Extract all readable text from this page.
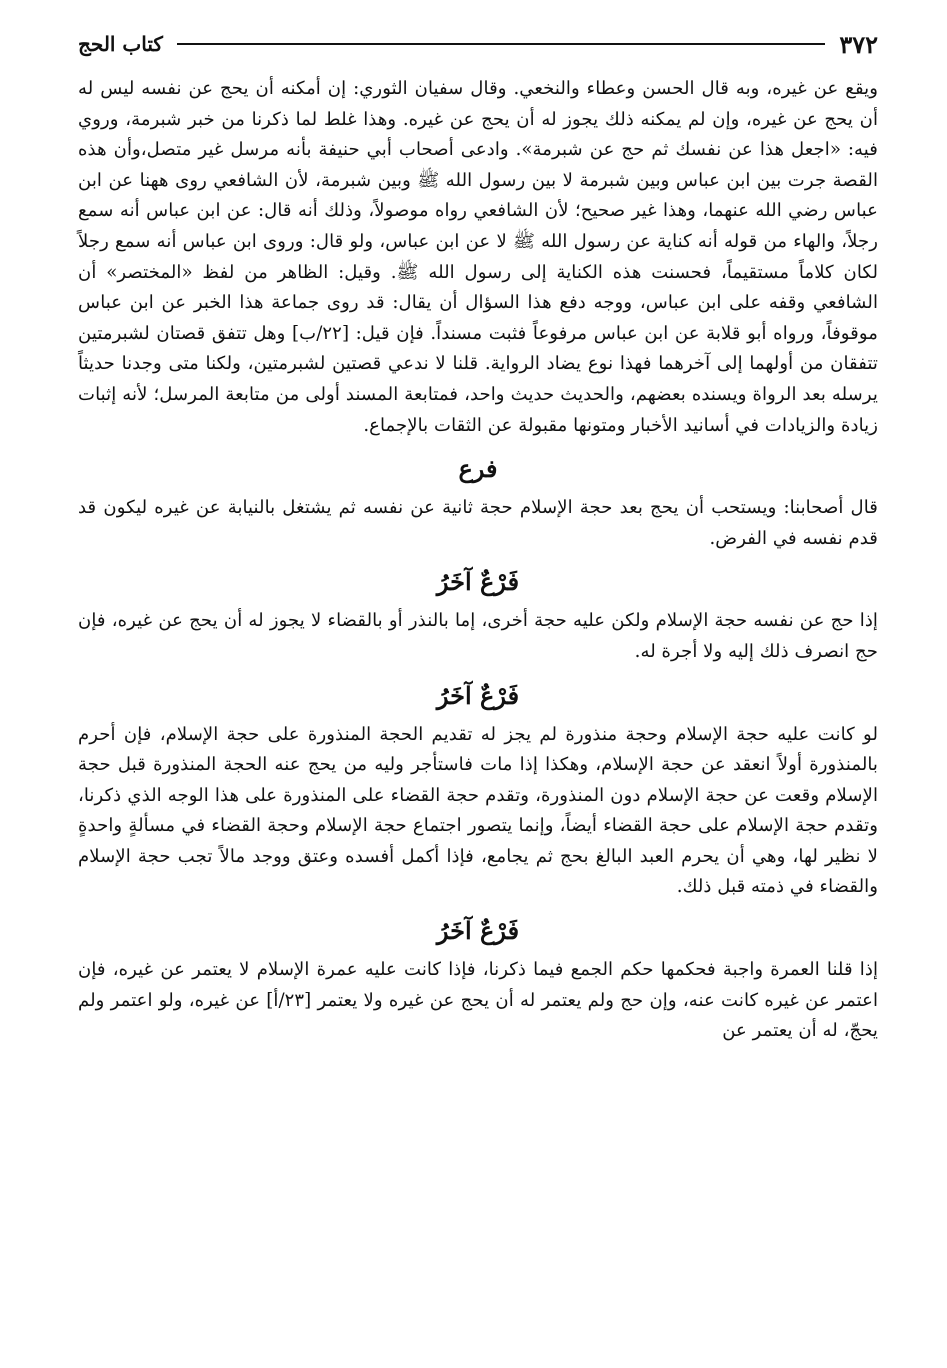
٣٧٢
كتاب الحج

ويقع عن غيره، وبه قال الحسن وعطاء والنخعي. وقال سفيان الثوري: إن أمكنه أن يحج عن نفسه ليس له أن يحج عن غيره، وإن لم يمكنه ذلك يجوز له أن يحج عن غيره. وهذا غلط لما ذكرنا من خبر شبرمة، وروي فيه: «اجعل هذا عن نفسك ثم حج عن شبرمة». وادعى أصحاب أبي حنيفة بأنه مرسل غير متصل،وأن هذه القصة جرت بين ابن عباس وبين شبرمة لا بين رسول الله ﷺ وبين شبرمة، لأن الشافعي روى ههنا عن ابن عباس رضي الله عنهما، وهذا غير صحيح؛ لأن الشافعي رواه موصولاً، وذلك أنه قال: عن ابن عباس أنه سمع رجلاً، والهاء من قوله أنه كناية عن رسول الله ﷺ لا عن ابن عباس، ولو قال: وروى ابن عباس أنه سمع رجلاً لكان كلاماً مستقيماً، فحسنت هذه الكناية إلى رسول الله ﷺ. وقيل: الظاهر من لفظ «المختصر» أن الشافعي وقفه على ابن عباس، ووجه دفع هذا السؤال أن يقال: قد روى جماعة هذا الخبر عن ابن عباس موقوفاً، ورواه أبو قلابة عن ابن عباس مرفوعاً فثبت مسنداً. فإن قيل: [٢٢/ب] وهل تتفق قصتان لشبرمتين تتفقان من أولهما إلى آخرهما فهذا نوع يضاد الرواية. قلنا لا ندعي قصتين لشبرمتين، ولكنا متى وجدنا حديثاً يرسله بعد الرواة ويسنده بعضهم، والحديث حديث واحد، فمتابعة المسند أولى من متابعة المرسل؛ لأنه إثبات زيادة والزيادات في أسانيد الأخبار ومتونها مقبولة عن الثقات بالإجماع.

فرع

قال أصحابنا: ويستحب أن يحج بعد حجة الإسلام حجة ثانية عن نفسه ثم يشتغل بالنيابة عن غيره ليكون قد قدم نفسه في الفرض.

فَرْعٌ آخَرُ

إذا حج عن نفسه حجة الإسلام ولكن عليه حجة أخرى، إما بالنذر أو بالقضاء لا يجوز له أن يحج عن غيره، فإن حج انصرف ذلك إليه ولا أجرة له.

فَرْعٌ آخَرُ

لو كانت عليه حجة الإسلام وحجة منذورة لم يجز له تقديم الحجة المنذورة على حجة الإسلام، فإن أحرم بالمنذورة أولاً انعقد عن حجة الإسلام، وهكذا إذا مات فاستأجر وليه من يحج عنه الحجة المنذورة قبل حجة الإسلام وقعت عن حجة الإسلام دون المنذورة، وتقدم حجة القضاء على المنذورة على هذا الوجه الذي ذكرنا، وتقدم حجة الإسلام على حجة القضاء أيضاً، وإنما يتصور اجتماع حجة الإسلام وحجة القضاء في مسألةٍ واحدةٍ لا نظير لها، وهي أن يحرم العبد البالغ بحج ثم يجامع، فإذا أكمل أفسده وعتق ووجد مالاً تجب حجة الإسلام والقضاء في ذمته قبل ذلك.

فَرْعٌ آخَرُ

إذا قلنا العمرة واجبة فحكمها حكم الجمع فيما ذكرنا، فإذا كانت عليه عمرة الإسلام لا يعتمر عن غيره، فإن اعتمر عن غيره كانت عنه، وإن حج ولم يعتمر له أن يحج عن غيره ولا يعتمر [٢٣/أ] عن غيره، ولو اعتمر ولم يحجّ، له أن يعتمر عن
